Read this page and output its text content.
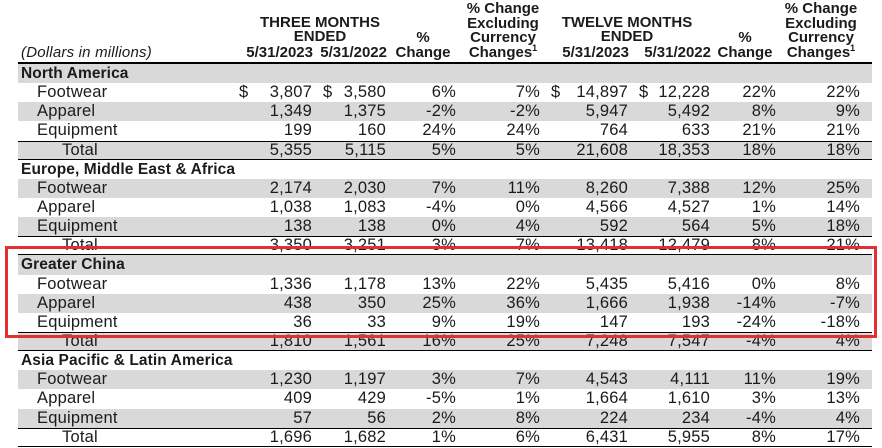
(Dollars in millions)
THREE MONTHS
ENDED
5/31/2023 5/31/2022
%
Change
% Change
Excluding
Currency
Changes$^1$
TWELVE MONTHS
ENDED
5/31/2023	5/31/2022
%
Change
% Change
Excluding
Currency
Changes$^1$
North America
Footwear	$ 3,807 $ 3,580	6%	7% $ 14,897 $ 12,228 22%	22%
Apparel	1,349 1,375 -2%	-2%	5,947 5,492	8%	9%
Equipment	199	160 24%	24%	764	633 21%	21%
Total	5,355 5,115	5%	5% 21,608 18,353 18%	18%
Europe, Middle East & Africa
Footwear	2,174 2,030	7%	11%	8,260 7,388 12%	25%
Apparel	1,038 1,083 -4%	0%	4,566 4,527	1%	14%
Equipment	138	138	0%	4%	592	564	5%	18%
Total	3,350 3,251	3%	7% 13,418 12,479	8%	21%
Greater China
Footwear	1,336 1,178 13%	22%	5,435 5,416	0%	8%
Apparel	438	350 25%	36%	1,666 1,938 -14%	-7%
Equipment	36	33	9%	19%	147	193 -24%	-18%
Total	1,810 1,561 16%	25%	7,248 7,547 -4%	4%
Asia Pacific & Latin America
Footwear	1,230 1,197	3%	7%	4,543	4,111 11%	19%
Apparel	409	429 -5%	1%	1,664 1,610	3%	13%
Equipment	57	56	2%	8%	224	234 -4%	4%
Total	1,696 1,682	1%	6%	6,431 5,955	8%	17%
